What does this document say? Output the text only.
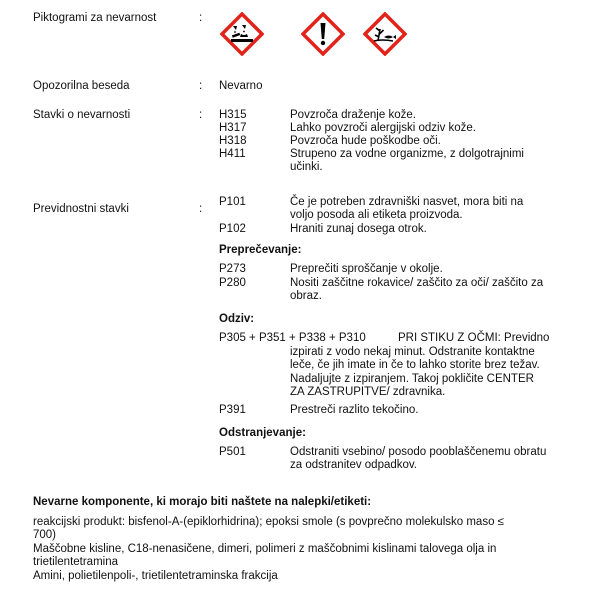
Piktogrami za nevarnost	:
Opozorilna beseda	: Nevarno
Stavki o nevarnosti	: H315	Povzroča draženje kože.
H317	Lahko povzroči alergijski odziv kože.
H318	Povzroča hude poškodbe oči.
H411	Strupeno za vodne organizme, z dolgotrajnimi
učinki.
Previdnostni stavki	:
P101	Če je potreben zdravniški nasvet, mora biti na
voljo posoda ali etiketa proizvoda.
P102	Hraniti zunaj dosega otrok.
Preprečevanje:
P273	Preprečiti sproščanje v okolje.
P280	Nositi zaščitne rokavice/ zaščito za oči/ zaščito za
obraz.
Odziv:
P305 + P351 + P338 + P310	PRI STIKU Z OČMI: Previdno
izpirati z vodo nekaj minut. Odstranite kontaktne
leče, če jih imate in če to lahko storite brez težav.
Nadaljujte z izpiranjem. Takoj pokličite CENTER
ZA ZASTRUPITVE/ zdravnika.
P391	Prestreči razlito tekočino.
Odstranjevanje:
P501	Odstraniti vsebino/ posodo pooblaščenemu obratu
za odstranitev odpadkov.
Nevarne komponente, ki morajo biti naštete na nalepki/etiketi:
reakcijski produkt: bisfenol-A-(epiklorhidrina); epoksi smole (s povprečno molekulsko maso ≤
700)
Maščobne kisline, C18-nenasičene, dimeri, polimeri z maščobnimi kislinami talovega olja in
trietilentetramina
Amini, polietilenpoli-, trietilentetraminska frakcija
